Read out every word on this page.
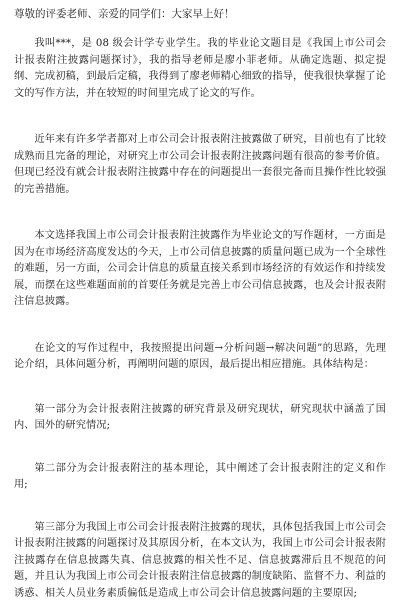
尊敬的评委老师、亲爱的同学们：大家早上好！

我叫***，是 08 级会计学专业学生。我的毕业论文题目是《我国上市公司会计报表附注披露问题探讨》，我的指导老师是廖小菲老师。从确定选题、拟定提纲、完成初稿，到最后定稿，我得到了廖老师精心细致的指导，使我很快掌握了论文的写作方法，并在较短的时间里完成了论文的写作。

近年来有许多学者都对上市公司会计报表附注披露做了研究，目前也有了比较成熟而且完备的理论，对研究上市公司会计报表附注披露问题有很高的参考价值。但现已经没有就会计报表附注披露中存在的问题提出一套很完备而且操作性比较强的完善措施。

本文选择我国上市公司会计报表附注披露作为毕业论文的写作题材，一方面是因为在市场经济高度发达的今天，上市公司信息披露的质量问题已成为一个全球性的难题，另一方面，公司会计信息的质量直接关系到市场经济的有效运作和持续发展，而摆在这些难题面前的首要任务就是完善上市公司信息披露，也及会计报表附注信息披露。

在论文的写作过程中，我按照提出问题→分析问题→解决问题”的思路，先理论介绍，具体问题分析，再阐明问题的原因，最后提出相应措施。具体结构是：

第一部分为会计报表附注披露的研究背景及研究现状，研究现状中涵盖了国内、国外的研究情况;

第二部分为会计报表附注的基本理论，其中阐述了会计报表附注的定义和作用;

第三部分为我国上市公司会计报表附注披露的现状，具体包括我国上市公司会计报表附注披露的问题探讨及其原因分析，在本文认为，我国上市公司会计报表附注披露存在信息披露失真、信息披露的相关性不足、信息披露滞后且不规范的问题，并且认为我国上市公司会计报表附注信息披露的制度缺陷、监督不力、利益的诱惑、相关人员业务素质偏低是造成上市公司会计信息披露问题的主要原因;
